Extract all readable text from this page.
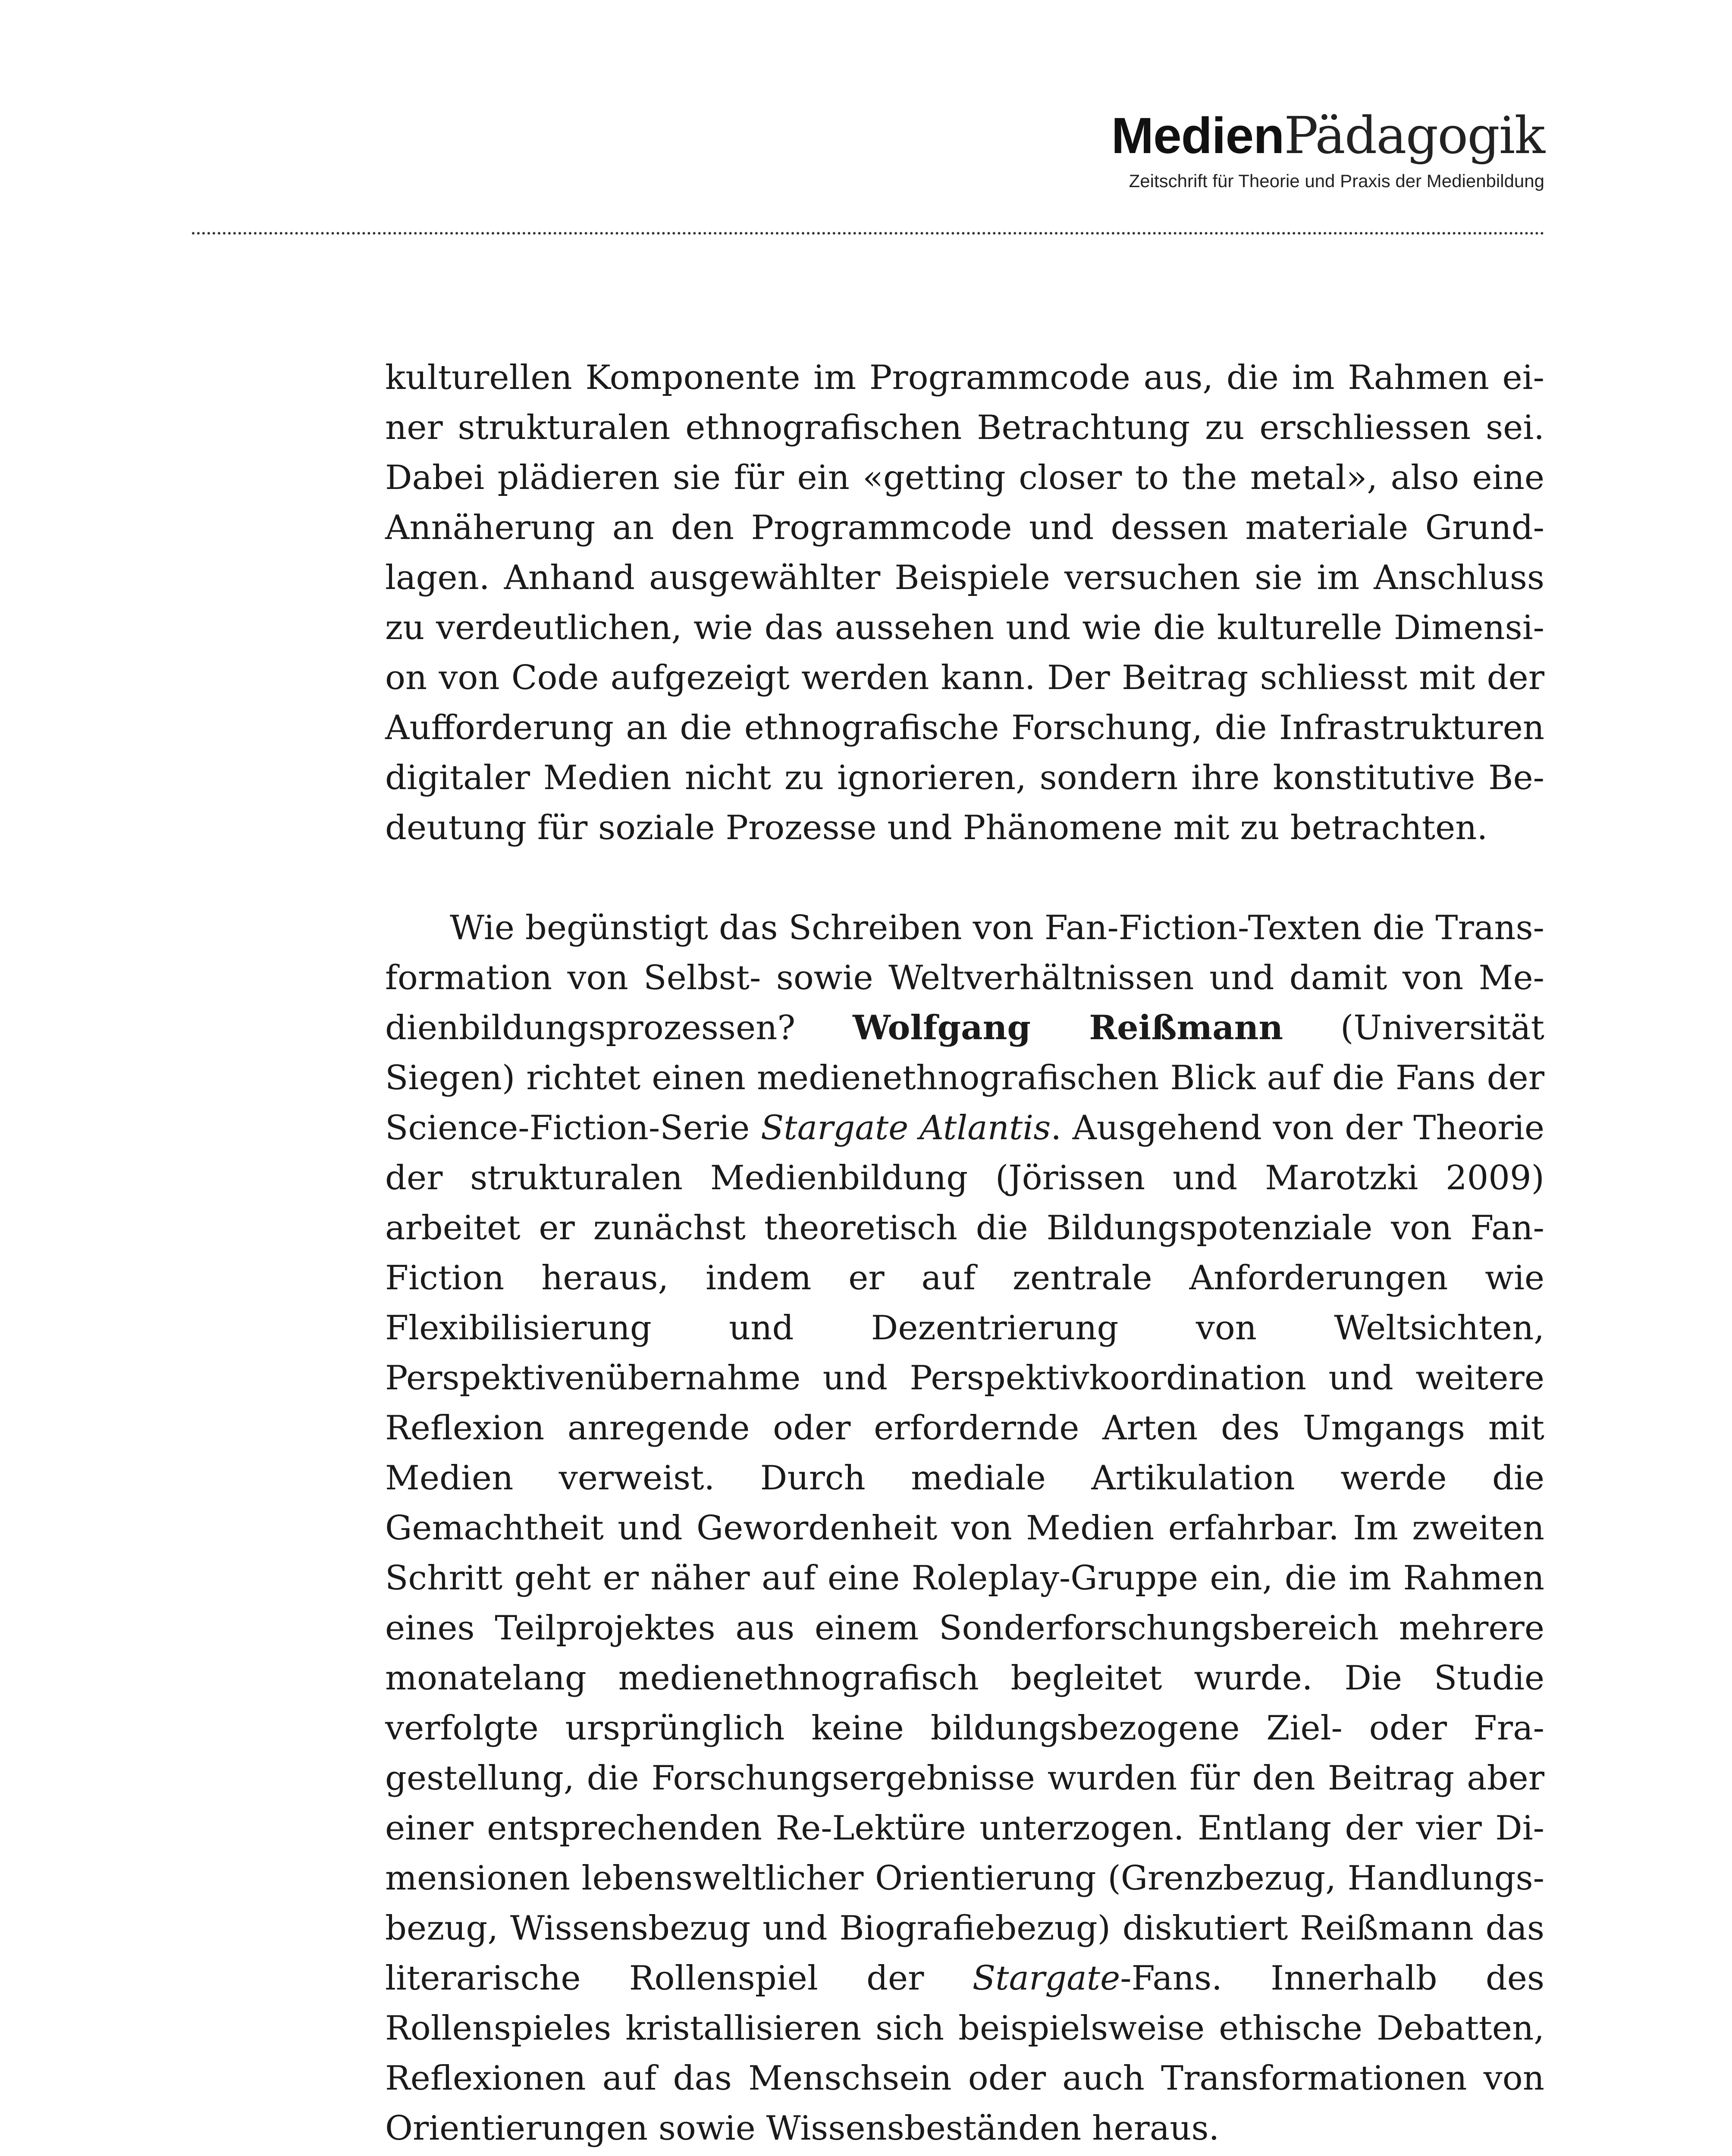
Medien Pädagogik
Zeitschrift für Theorie und Praxis der Medienbildung

kulturellen Komponente im Programmcode aus, die im Rahmen einer strukturalen ethnografischen Betrachtung zu erschliessen sei. Dabei plädieren sie für ein «getting closer to the metal», also eine Annäherung an den Programmcode und dessen materiale Grundlagen. Anhand ausgewählter Beispiele versuchen sie im Anschluss zu verdeutlichen, wie das aussehen und wie die kulturelle Dimension von Code aufgezeigt werden kann. Der Beitrag schliesst mit der Aufforderung an die ethnografische Forschung, die Infrastrukturen digitaler Medien nicht zu ignorieren, sondern ihre konstitutive Bedeutung für soziale Prozesse und Phänomene mit zu betrachten.

Wie begünstigt das Schreiben von Fan-Fiction-Texten die Transformation von Selbst- sowie Weltverhältnissen und damit von Medienbildungsprozessen? Wolfgang Reißmann (Universität Siegen) richtet einen medienethnografischen Blick auf die Fans der Science-Fiction-Serie Stargate Atlantis. Ausgehend von der Theorie der strukturalen Medienbildung (Jörissen und Marotzki 2009) arbeitet er zunächst theoretisch die Bildungspotenziale von Fan-Fiction heraus, indem er auf zentrale Anforderungen wie Flexibilisierung und Dezentrierung von Weltsichten, Perspektivenübernahme und Perspektivkoordination und weitere Reflexion anregende oder erfordernde Arten des Umgangs mit Medien verweist. Durch mediale Artikulation werde die Gemachtheit und Gewordenheit von Medien erfahrbar. Im zweiten Schritt geht er näher auf eine Roleplay-Gruppe ein, die im Rahmen eines Teilprojektes aus einem Sonderforschungsbereich mehrere monatelang medienethnografisch begleitet wurde. Die Studie verfolgte ursprünglich keine bildungsbezogene Ziel- oder Fragestellung, die Forschungsergebnisse wurden für den Beitrag aber einer entsprechenden Re-Lektüre unterzogen. Entlang der vier Dimensionen lebensweltlicher Orientierung (Grenzbezug, Handlungsbezug, Wissensbezug und Biografiebezug) diskutiert Reißmann das literarische Rollenspiel der Stargate-Fans. Innerhalb des Rollenspieles kristallisieren sich beispielsweise ethische Debatten, Reflexionen auf das Menschsein oder auch Transformationen von Orientierungen sowie Wissensbeständen heraus.
